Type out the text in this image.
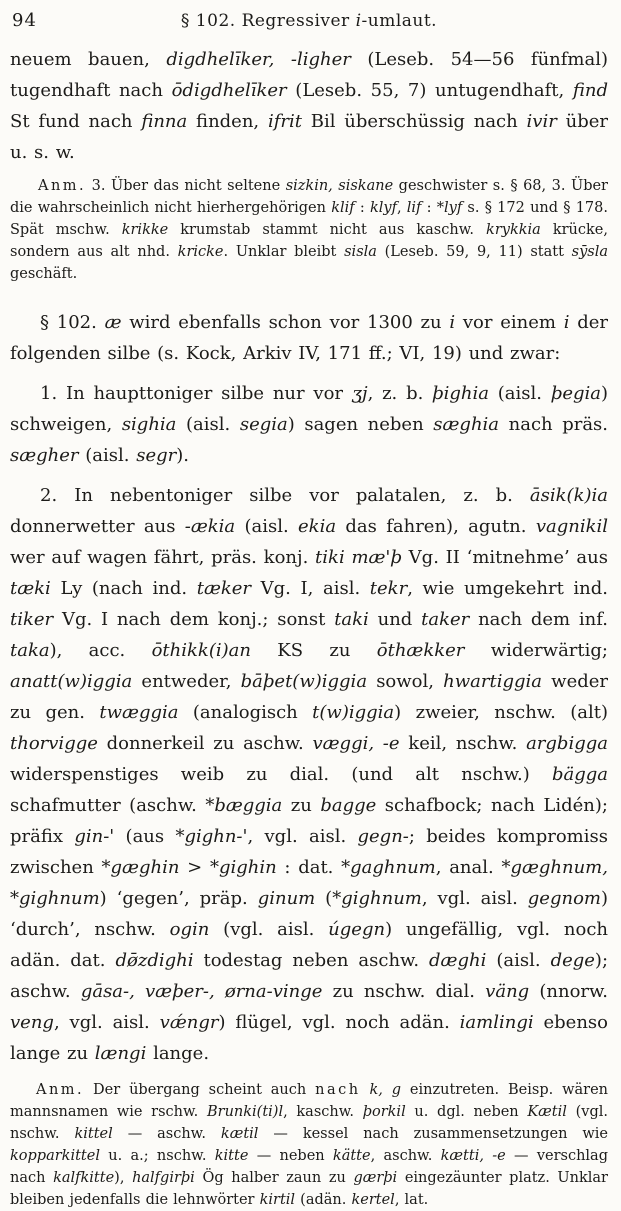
94	§ 102. Regressiver i-umlaut.

neuem bauen, digdhelīker, -ligher (Leseb. 54—56 fünfmal) tugendhaft nach ōdigdhelīker (Leseb. 55, 7) untugendhaft, find St fund nach finna finden, ifrit Bil überschüssig nach ivir über u. s. w.

Anm. 3. Über das nicht seltene sizkin, siskane geschwister s. § 68, 3. Über die wahrscheinlich nicht hierhergehörigen klif : klyf, lif : *lyf s. § 172 und § 178. Spät mschw. krikke krumstab stammt nicht aus kaschw. krykkia krücke, sondern aus alt nhd. kricke. Unklar bleibt sisla (Leseb. 59, 9, 11) statt sȳsla geschäft.

§ 102. æ wird ebenfalls schon vor 1300 zu i vor einem i der folgenden silbe (s. Kock, Arkiv IV, 171 ff.; VI, 19) und zwar:

1. In haupttoniger silbe nur vor ʒj, z. b. þighia (aisl. þegia) schweigen, sighia (aisl. segia) sagen neben sæghia nach präs. sægher (aisl. segr).

2. In nebentoniger silbe vor palatalen, z. b. āsik(k)ia donnerwetter aus -ækia (aisl. ekia das fahren), agutn. vagnikil wer auf wagen fährt, präs. konj. tiki mæ'þ Vg. II ‘mitnehme’ aus tæki Ly (nach ind. tæker Vg. I, aisl. tekr, wie umgekehrt ind. tiker Vg. I nach dem konj.; sonst taki und taker nach dem inf. taka), acc. ōthikk(i)an KS zu ōthækker widerwärtig; anatt(w)iggia entweder, bāþet(w)iggia sowol, hwartiggia weder zu gen. twæggia (analogisch t(w)iggia) zweier, nschw. (alt) thorvigge donnerkeil zu aschw. væggi, -e keil, nschw. argbigga widerspenstiges weib zu dial. (und alt nschw.) bägga schafmutter (aschw. *bæggia zu bagge schafbock; nach Lidén); präfix gin-' (aus *gighn-', vgl. aisl. gegn-; beides kompromiss zwischen *gæghin > *gighin : dat. *gaghnum, anal. *gæghnum, *gighnum) ‘gegen’, präp. ginum (*gighnum, vgl. aisl. gegnom) ‘durch’, nschw. ogin (vgl. aisl. úgegn) ungefällig, vgl. noch adän. dat. dø̄zdighi todestag neben aschw. dæghi (aisl. dege); aschw. gāsa-, væþer-, ørna-vinge zu nschw. dial. väng (nnorw. veng, vgl. aisl. vǽngr) flügel, vgl. noch adän. iamlingi ebenso lange zu længi lange.

Anm. Der übergang scheint auch nach k, g einzutreten. Beisp. wären mannsnamen wie rschw. Brunki(ti)l, kaschw. þorkil u. dgl. neben Kætil (vgl. nschw. kittel — aschw. kætil — kessel nach zusammensetzungen wie kopparkittel u. a.; nschw. kitte — neben kätte, aschw. kætti, -e — verschlag nach kalfkitte), halfgirþi Ög halber zaun zu gærþi eingezäunter platz. Unklar bleiben jedenfalls die lehnwörter kirtil (adän. kertel, lat.
